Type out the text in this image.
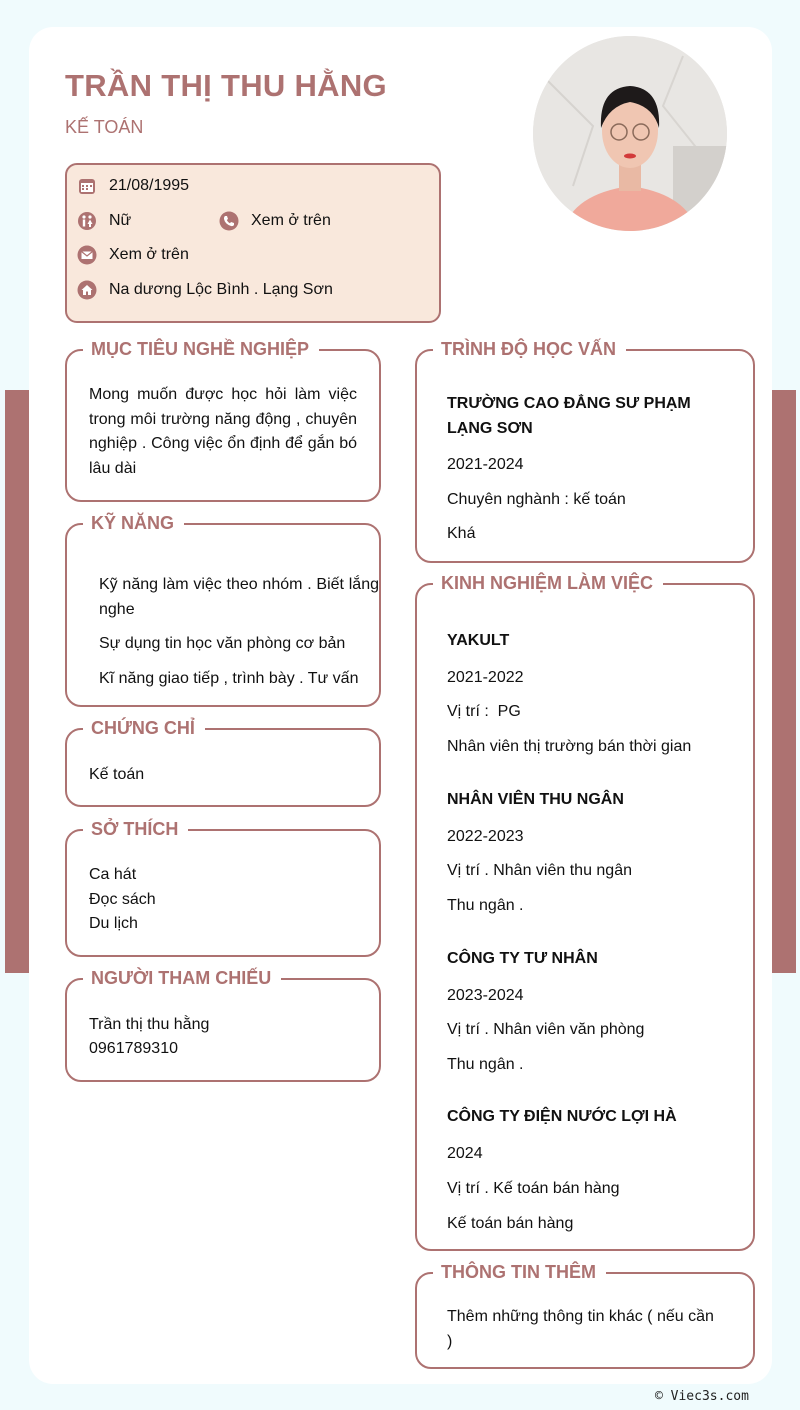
TRẦN THỊ THU HẰNG
KẾ TOÁN
21/08/1995
Nữ	Xem ở trên
Xem ở trên
Na dương Lộc Bình . Lạng Sơn
MỤC TIÊU NGHỀ NGHIỆP
Mong muốn được học hỏi làm việc trong môi trường năng động , chuyên nghiệp . Công việc ổn định để gắn bó lâu dài
KỸ NĂNG
Kỹ năng làm việc theo nhóm . Biết lắng nghe
Sự dụng tin học văn phòng cơ bản
Kĩ năng giao tiếp , trình bày . Tư vấn
CHỨNG CHỈ
Kế toán
SỞ THÍCH
Ca hát
Đọc sách
Du lịch
NGƯỜI THAM CHIẾU
Trần thị thu hằng
0961789310
TRÌNH ĐỘ HỌC VẤN
TRƯỜNG CAO ĐẲNG SƯ PHẠM LẠNG SƠN
2021-2024
Chuyên nghành : kế toán
Khá
KINH NGHIỆM LÀM VIỆC
YAKULT
2021-2022
Vị trí :  PG
Nhân viên thị trường bán thời gian
NHÂN VIÊN THU NGÂN
2022-2023
Vị trí . Nhân viên thu ngân
Thu ngân .
CÔNG TY TƯ NHÂN
2023-2024
Vị trí . Nhân viên văn phòng
Thu ngân .
CÔNG TY ĐIỆN NƯỚC LỢI HÀ
2024
Vị trí . Kế toán bán hàng
Kế toán bán hàng
THÔNG TIN THÊM
Thêm những thông tin khác ( nếu cần )
© Viec3s.com
